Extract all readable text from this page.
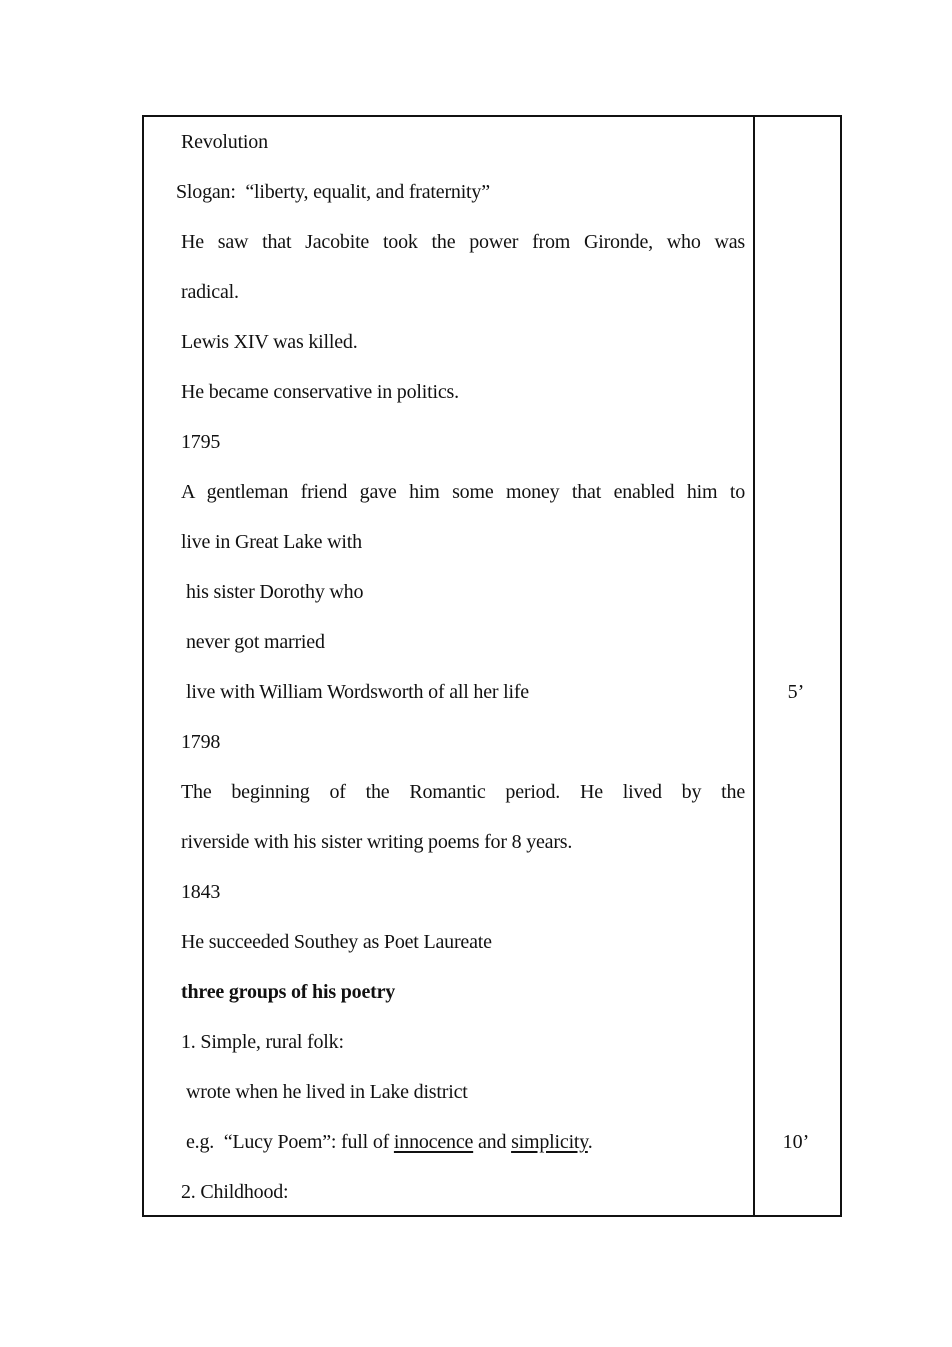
Revolution
Slogan: “liberty, equalit, and fraternity”
He saw that Jacobite took the power from Gironde, who was
radical.
Lewis XIV was killed.
He became conservative in politics.
1795
A gentleman friend gave him some money that enabled him to
live in Great Lake with
his sister Dorothy who
never got married
live with William Wordsworth of all her life
1798
The beginning of the Romantic period. He lived by the
riverside with his sister writing poems for 8 years.
1843
He succeeded Southey as Poet Laureate
three groups of his poetry
1. Simple, rural folk:
wrote when he lived in Lake district
e.g. “Lucy Poem”: full of innocence and simplicity.
2. Childhood:
5’
10’
